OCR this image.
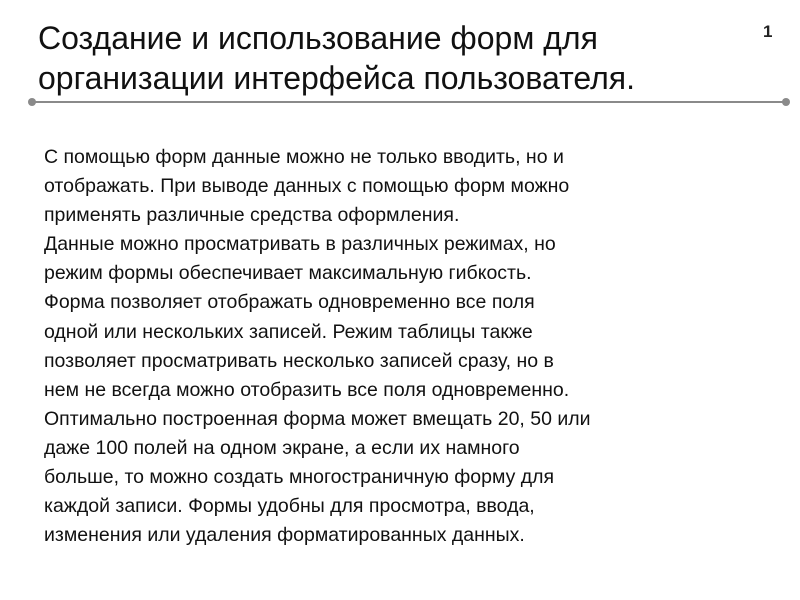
Создание и использование форм для
организации интерфейса пользователя.
1
С помощью форм данные можно не только вводить, но и
отображать. При выводе данных с помощью форм можно
применять различные средства оформления.
Данные можно просматривать в различных режимах, но
режим формы обеспечивает максимальную гибкость.
Форма позволяет отображать одновременно все поля
одной или нескольких записей. Режим таблицы также
позволяет просматривать несколько записей сразу, но в
нем не всегда можно отобразить все поля одновременно.
Оптимально построенная форма может вмещать 20, 50 или
даже 100 полей на одном экране, а если их намного
больше, то можно создать многостраничную форму для
каждой записи. Формы удобны для просмотра, ввода,
изменения или удаления форматированных данных.
